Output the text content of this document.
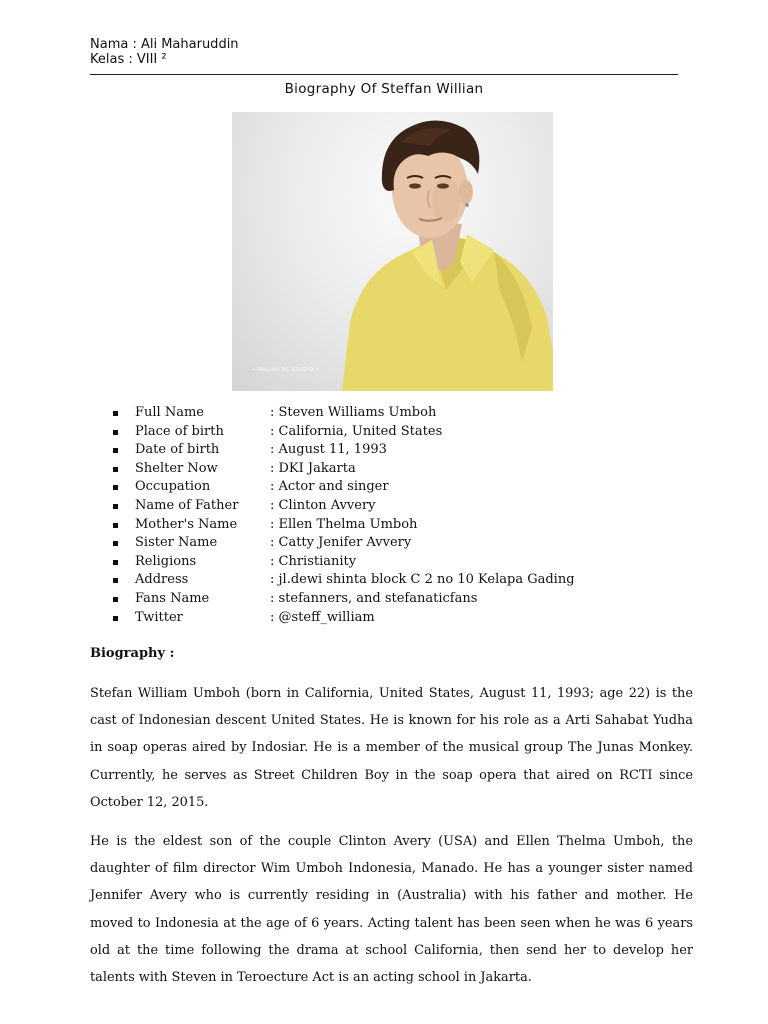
Nama : Ali Maharuddin
Kelas : VIII ²
Biography Of Steffan Willian
• MALIBU RE STUDIO •
Full Name	: Steven Williams Umboh
Place of birth	: California, United States
Date of birth	: August 11, 1993
Shelter Now	: DKI Jakarta
Occupation	: Actor and singer
Name of Father : Clinton Avvery
Mother's Name	: Ellen Thelma Umboh
Sister Name	: Catty Jenifer Avvery
Religions	: Christianity
Address	: jl.dewi shinta block C 2 no 10 Kelapa Gading
Fans Name	: stefanners, and stefanaticfans
Twitter	: @steff_william
Biography :

Stefan William Umboh (born in California, United States, August 11, 1993; age 22) is the cast of Indonesian descent United States. He is known for his role as a Arti Sahabat Yudha in soap operas aired by Indosiar. He is a member of the musical group The Junas Monkey. Currently, he serves as Street Children Boy in the soap opera that aired on RCTI since October 12, 2015.

He is the eldest son of the couple Clinton Avery (USA) and Ellen Thelma Umboh, the daughter of film director Wim Umboh Indonesia, Manado. He has a younger sister named Jennifer Avery who is currently residing in (Australia) with his father and mother. He moved to Indonesia at the age of 6 years. Acting talent has been seen when he was 6 years old at the time following the drama at school California, then send her to develop her talents with Steven in Teroecture Act is an acting school in Jakarta.
